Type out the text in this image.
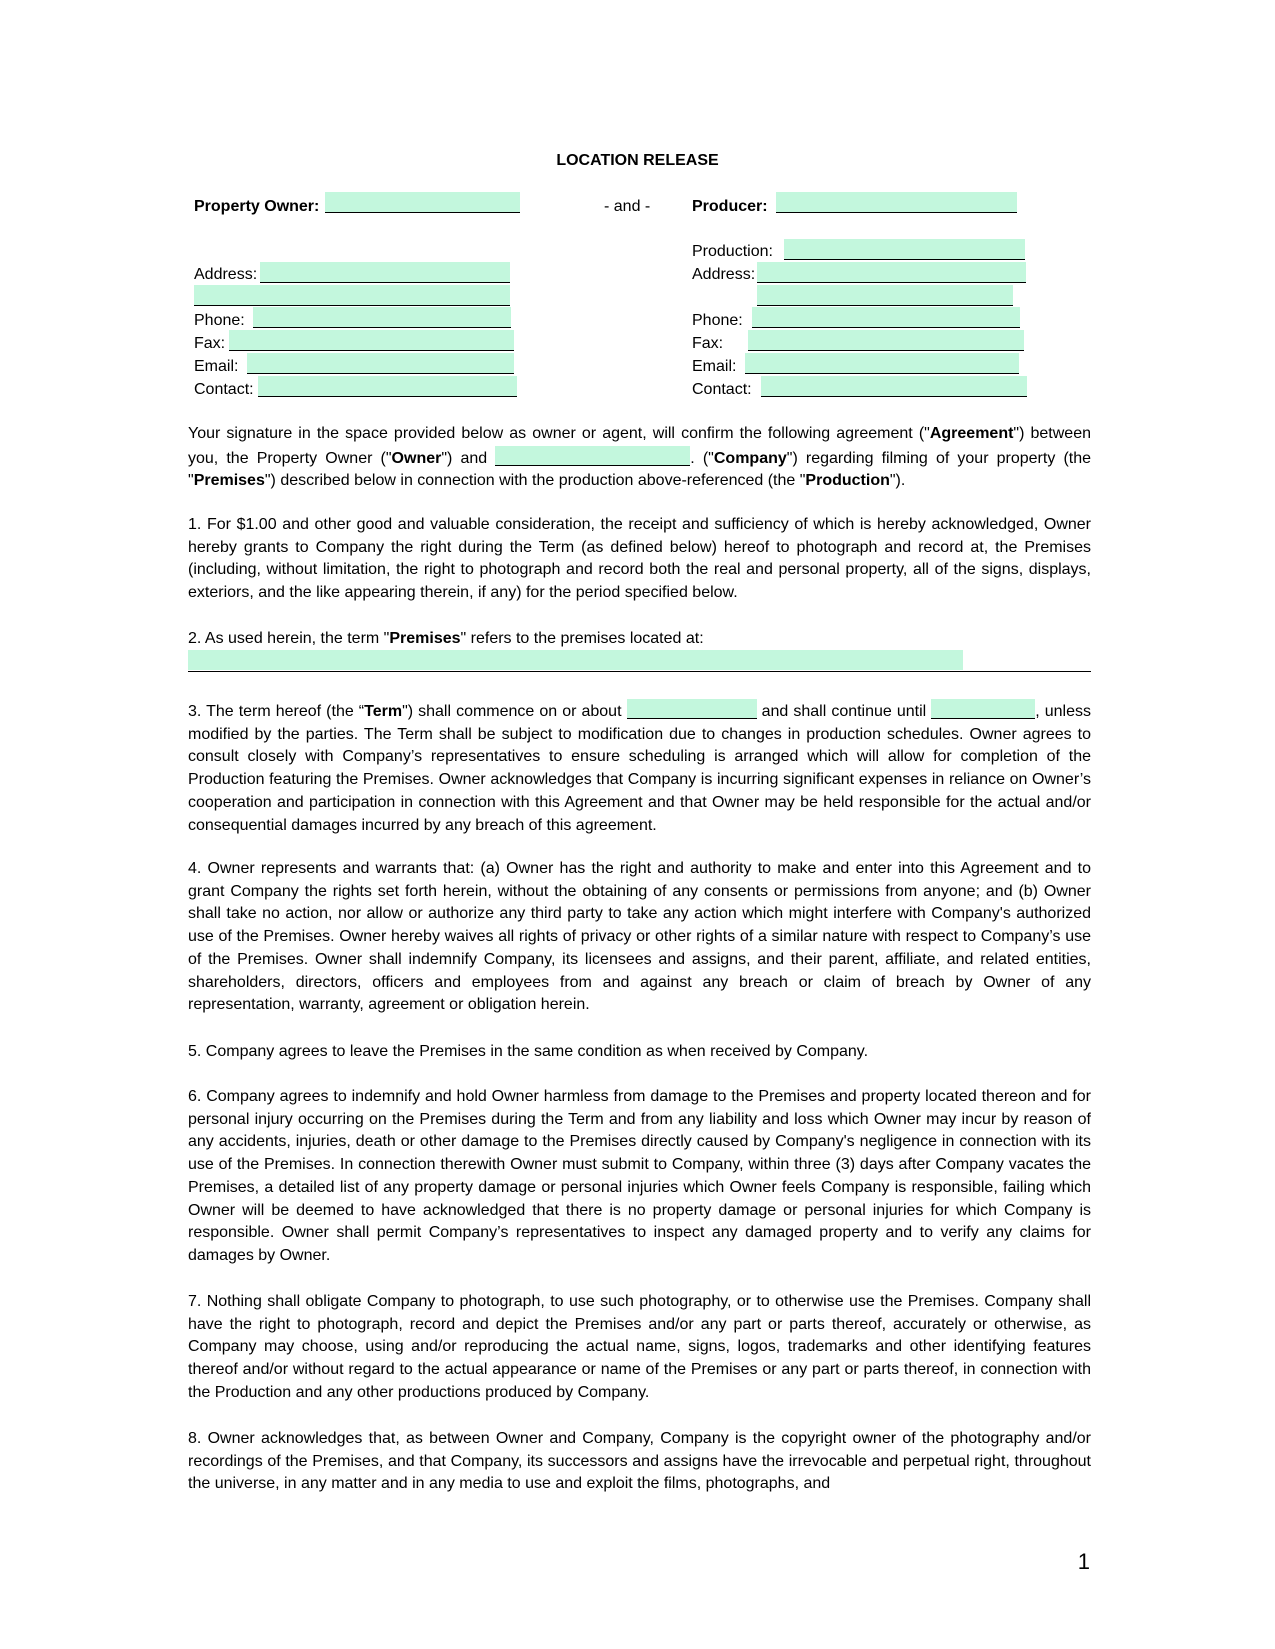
LOCATION RELEASE
Property Owner:	- and -	Producer:
Address:
Phone:
Fax:
Email:
Contact:
Production:
Address:
Phone:
Fax:
Email:
Contact:
Your signature in the space provided below as owner or agent, will confirm the following agreement ("Agreement") between you, the Property Owner ("Owner") and	. ("Company") regarding filming of your property (the "Premises") described below in connection with the production above-referenced (the "Production").
1. For $1.00 and other good and valuable consideration, the receipt and sufficiency of which is hereby acknowledged, Owner hereby grants to Company the right during the Term (as defined below) hereof to photograph and record at, the Premises (including, without limitation, the right to photograph and record both the real and personal property, all of the signs, displays, exteriors, and the like appearing therein, if any) for the period specified below.
2. As used herein, the term "Premises" refers to the premises located at:
3. The term hereof (the “Term") shall commence on or about	and shall continue until	, unless modified by the parties. The Term shall be subject to modification due to changes in production schedules. Owner agrees to consult closely with Company’s representatives to ensure scheduling is arranged which will allow for completion of the Production featuring the Premises. Owner acknowledges that Company is incurring significant expenses in reliance on Owner’s cooperation and participation in connection with this Agreement and that Owner may be held responsible for the actual and/or consequential damages incurred by any breach of this agreement.
4. Owner represents and warrants that: (a) Owner has the right and authority to make and enter into this Agreement and to grant Company the rights set forth herein, without the obtaining of any consents or permissions from anyone; and (b) Owner shall take no action, nor allow or authorize any third party to take any action which might interfere with Company's authorized use of the Premises. Owner hereby waives all rights of privacy or other rights of a similar nature with respect to Company’s use of the Premises. Owner shall indemnify Company, its licensees and assigns, and their parent, affiliate, and related entities, shareholders, directors, officers and employees from and against any breach or claim of breach by Owner of any representation, warranty, agreement or obligation herein.
5. Company agrees to leave the Premises in the same condition as when received by Company.
6. Company agrees to indemnify and hold Owner harmless from damage to the Premises and property located thereon and for personal injury occurring on the Premises during the Term and from any liability and loss which Owner may incur by reason of any accidents, injuries, death or other damage to the Premises directly caused by Company's negligence in connection with its use of the Premises. In connection therewith Owner must submit to Company, within three (3) days after Company vacates the Premises, a detailed list of any property damage or personal injuries which Owner feels Company is responsible, failing which Owner will be deemed to have acknowledged that there is no property damage or personal injuries for which Company is responsible. Owner shall permit Company’s representatives to inspect any damaged property and to verify any claims for damages by Owner.
7. Nothing shall obligate Company to photograph, to use such photography, or to otherwise use the Premises. Company shall have the right to photograph, record and depict the Premises and/or any part or parts thereof, accurately or otherwise, as Company may choose, using and/or reproducing the actual name, signs, logos, trademarks and other identifying features thereof and/or without regard to the actual appearance or name of the Premises or any part or parts thereof, in connection with the Production and any other productions produced by Company.
8. Owner acknowledges that, as between Owner and Company, Company is the copyright owner of the photography and/or recordings of the Premises, and that Company, its successors and assigns have the irrevocable and perpetual right, throughout the universe, in any matter and in any media to use and exploit the films, photographs, and
1
